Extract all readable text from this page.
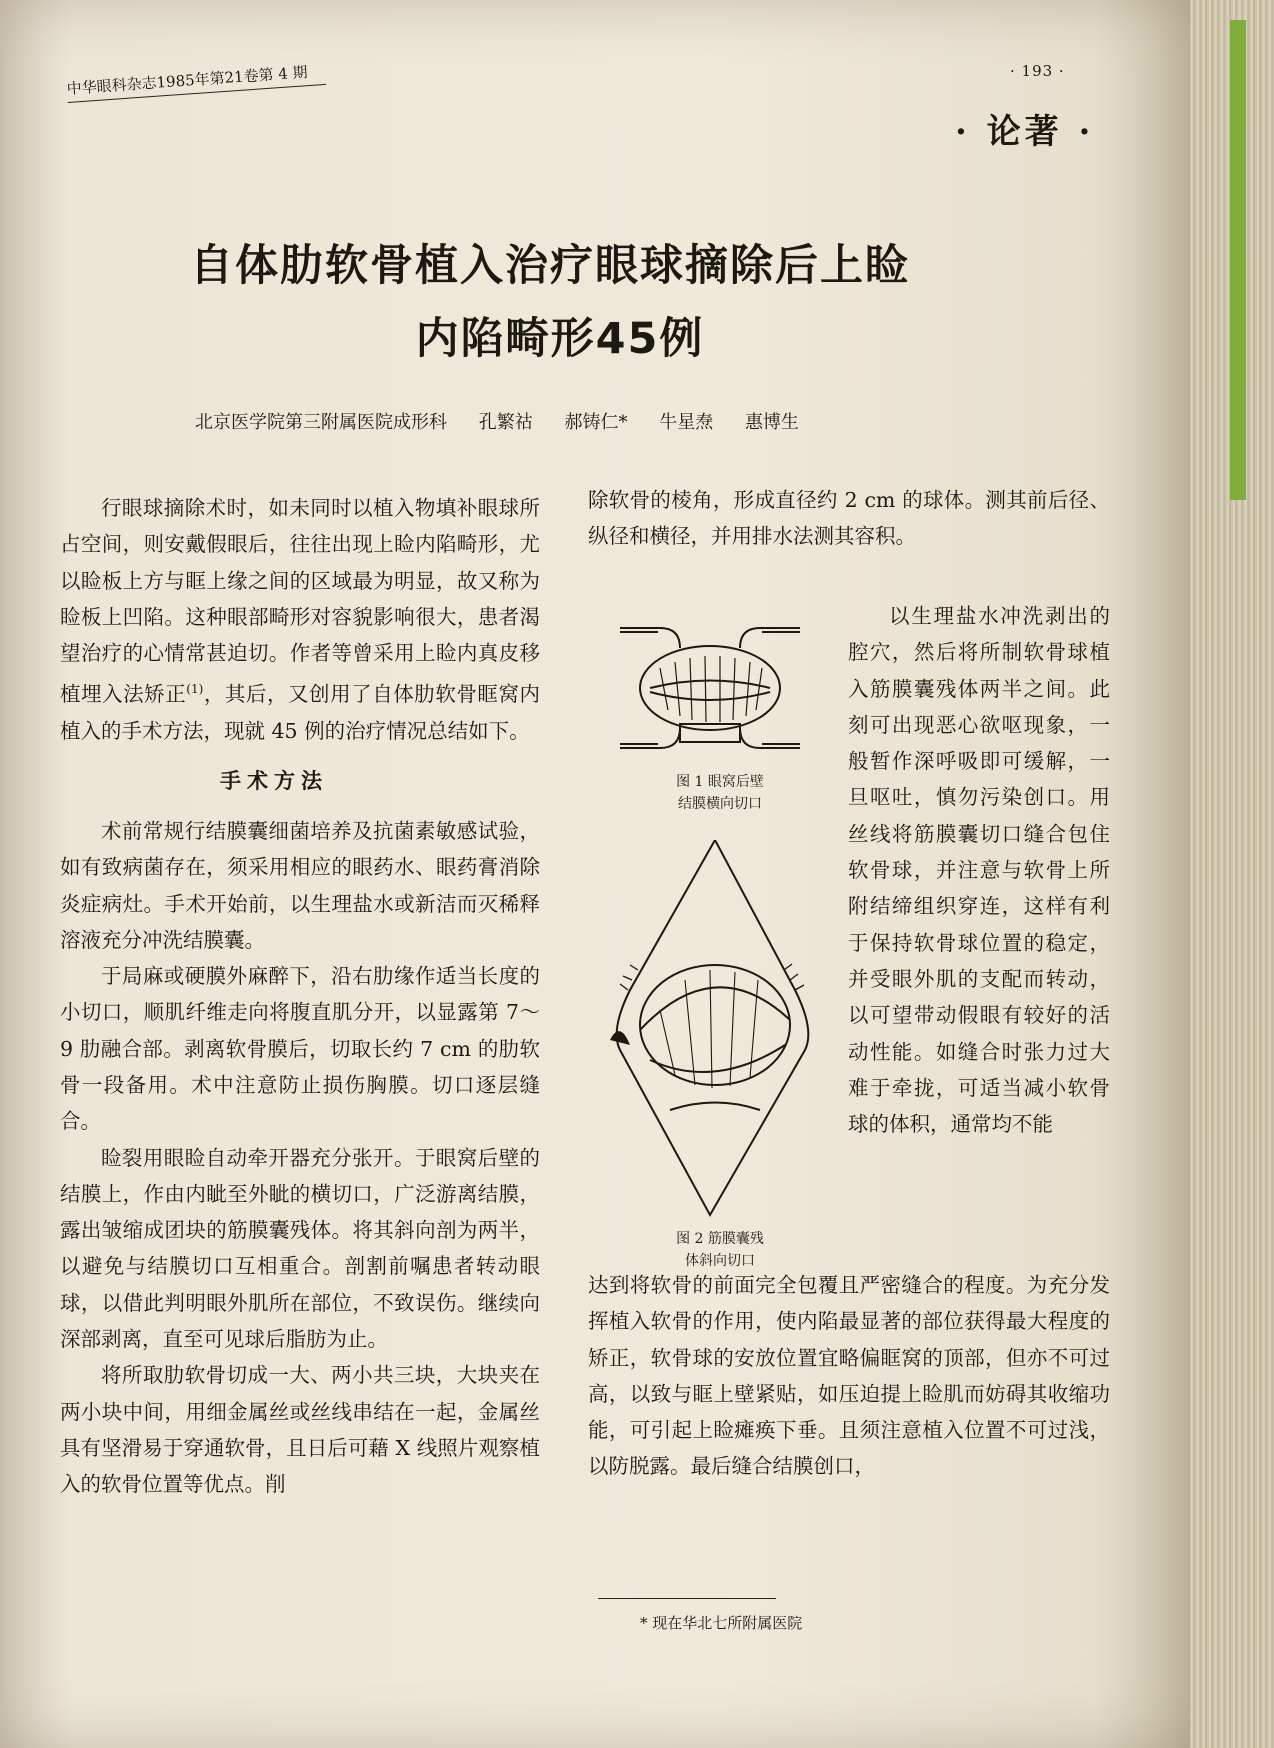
中华眼科杂志1985年第21卷第 4 期	· 193 ·
· 论著 ·
自体肋软骨植入治疗眼球摘除后上睑
内陷畸形45例
北京医学院第三附属医院成形科 孔繁祜 郝铸仁* 牛星焘 惠博生

行眼球摘除术时，如未同时以植入物填补眼球所占空间，则安戴假眼后，往往出现上睑内陷畸形，尤以睑板上方与眶上缘之间的区域最为明显，故又称为睑板上凹陷。这种眼部畸形对容貌影响很大，患者渴望治疗的心情常甚迫切。作者等曾采用上睑内真皮移植埋入法矫正$^{(1)}$，其后，又创用了自体肋软骨眶窝内植入的手术方法，现就 45 例的治疗情况总结如下。

手术方法

术前常规行结膜囊细菌培养及抗菌素敏感试验，如有致病菌存在，须采用相应的眼药水、眼药膏消除炎症病灶。手术开始前，以生理盐水或新洁而灭稀释溶液充分冲洗结膜囊。

于局麻或硬膜外麻醉下，沿右肋缘作适当长度的小切口，顺肌纤维走向将腹直肌分开，以显露第 7～9 肋融合部。剥离软骨膜后，切取长约 7 cm 的肋软骨一段备用。术中注意防止损伤胸膜。切口逐层缝合。

睑裂用眼睑自动牵开器充分张开。于眼窝后壁的结膜上，作由内眦至外眦的横切口，广泛游离结膜，露出皱缩成团块的筋膜囊残体。将其斜向剖为两半，以避免与结膜切口互相重合。剖割前嘱患者转动眼球，以借此判明眼外肌所在部位，不致误伤。继续向深部剥离，直至可见球后脂肪为止。

将所取肋软骨切成一大、两小共三块，大块夹在两小块中间，用细金属丝或丝线串结在一起，金属丝具有坚滑易于穿通软骨，且日后可藉 X 线照片观察植入的软骨位置等优点。削

除软骨的棱角，形成直径约 2 cm 的球体。测其前后径、纵径和横径，并用排水法测其容积。

图 1 眼窝后壁
结膜横向切口
图 2 筋膜囊残
体斜向切口

以生理盐水冲洗剥出的腔穴，然后将所制软骨球植入筋膜囊残体两半之间。此刻可出现恶心欲呕现象，一般暂作深呼吸即可缓解，一旦呕吐，慎勿污染创口。用丝线将筋膜囊切口缝合包住软骨球，并注意与软骨上所附结缔组织穿连，这样有利于保持软骨球位置的稳定，并受眼外肌的支配而转动，以可望带动假眼有较好的活动性能。如缝合时张力过大难于牵拢，可适当减小软骨球的体积，通常均不能

达到将软骨的前面完全包覆且严密缝合的程度。为充分发挥植入软骨的作用，使内陷最显著的部位获得最大程度的矫正，软骨球的安放位置宜略偏眶窝的顶部，但亦不可过高，以致与眶上壁紧贴，如压迫提上睑肌而妨碍其收缩功能，可引起上睑瘫痪下垂。且须注意植入位置不可过浅，以防脱露。最后缝合结膜创口，

* 现在华北七所附属医院
